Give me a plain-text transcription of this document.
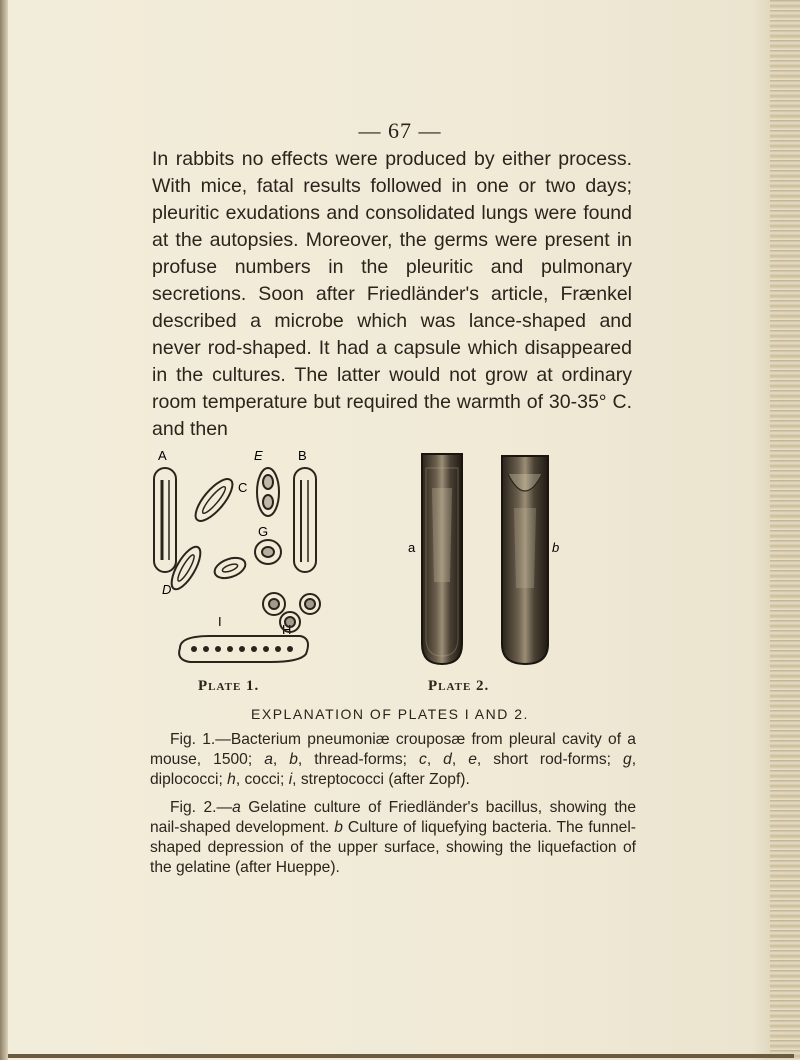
— 67 —

In rabbits no effects were produced by either process. With mice, fatal results followed in one or two days; pleuritic exudations and consolidated lungs were found at the autopsies. Moreover, the germs were present in profuse numbers in the pleuritic and pulmonary secretions. Soon after Friedländer's article, Frænkel described a microbe which was lance-shaped and never rod-shaped. It had a capsule which disappeared in the cultures. The latter would not grow at ordinary room temperature but required the warmth of 30-35° C. and then

A	E	B
C
G
D
I
H
a	b
Plate 1.	Plate 2.
EXPLANATION OF PLATES I AND 2.

Fig. 1.—Bacterium pneumoniæ crouposæ from pleural cavity of a mouse, 1500; a, b, thread-forms; c, d, e, short rod-forms; g, diplococci; h, cocci; i, streptococci (after Zopf).

Fig. 2.—a Gelatine culture of Friedländer's bacillus, showing the nail-shaped development. b Culture of liquefying bacteria. The funnel-shaped depression of the upper surface, showing the liquefaction of the gelatine (after Hueppe).
